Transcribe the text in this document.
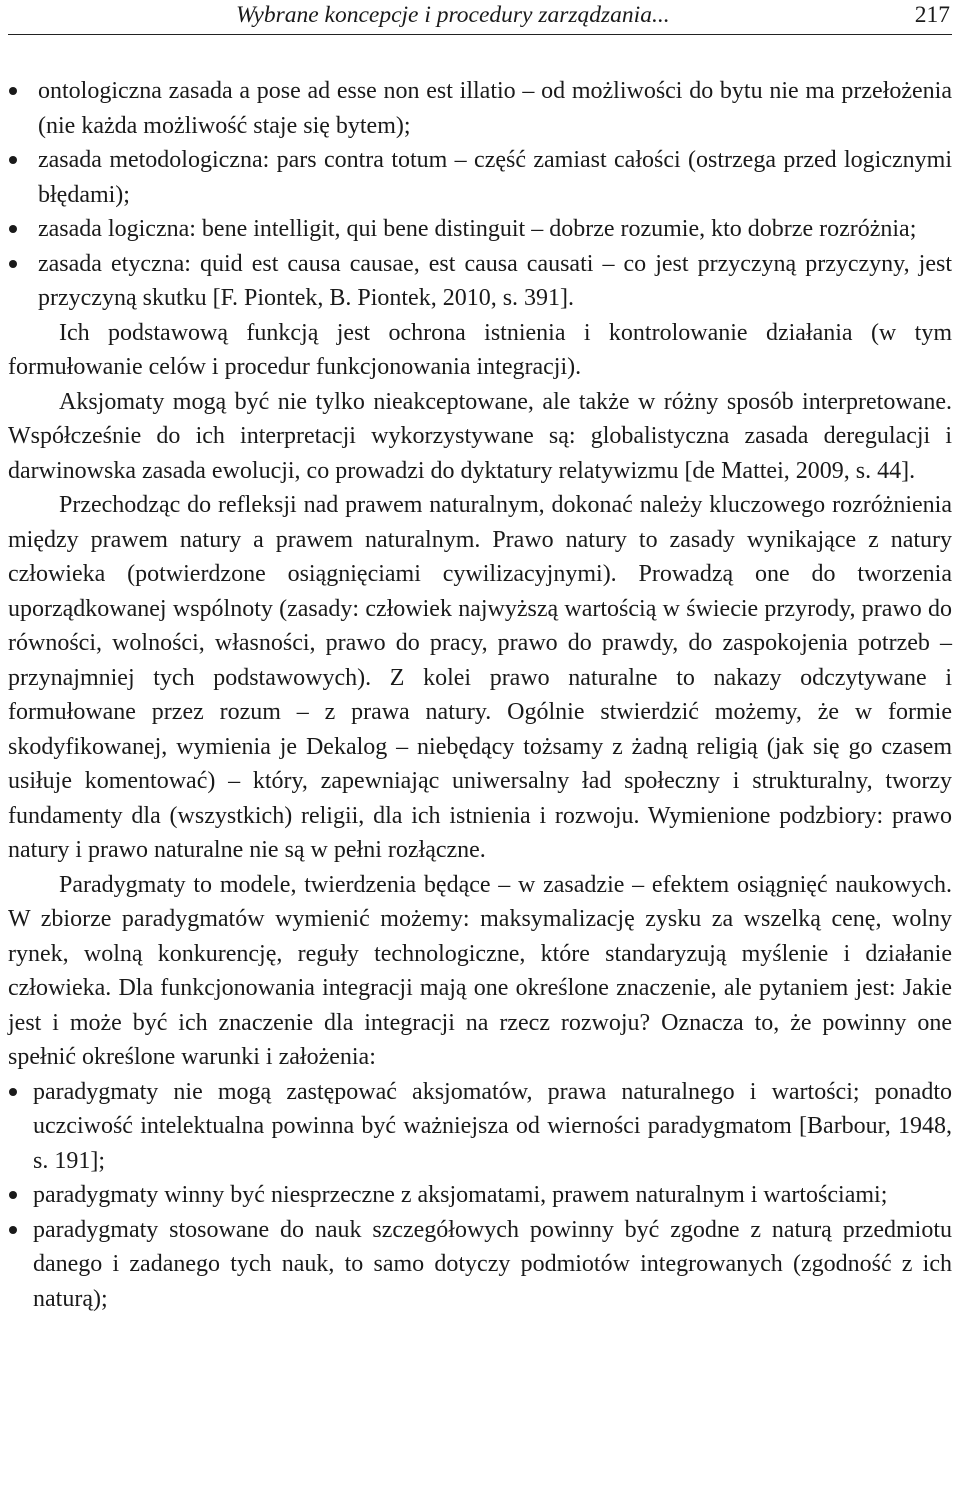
Wybrane koncepcje i procedury zarządzania...	217
ontologiczna zasada a pose ad esse non est illatio – od możliwości do bytu nie ma przełożenia (nie każda możliwość staje się bytem);
zasada metodologiczna: pars contra totum – część zamiast całości (ostrzega przed logicznymi błędami);
zasada logiczna: bene intelligit, qui bene distinguit – dobrze rozumie, kto dobrze rozróżnia;
zasada etyczna: quid est causa causae, est causa causati – co jest przyczyną przyczyny, jest przyczyną skutku [F. Piontek, B. Piontek, 2010, s. 391].

Ich podstawową funkcją jest ochrona istnienia i kontrolowanie działania (w tym formułowanie celów i procedur funkcjonowania integracji).

Aksjomaty mogą być nie tylko nieakceptowane, ale także w różny sposób interpretowane. Współcześnie do ich interpretacji wykorzystywane są: globalistyczna zasada deregulacji i darwinowska zasada ewolucji, co prowadzi do dyktatury relatywizmu [de Mattei, 2009, s. 44].

Przechodząc do refleksji nad prawem naturalnym, dokonać należy kluczowego rozróżnienia między prawem natury a prawem naturalnym. Prawo natury to zasady wynikające z natury człowieka (potwierdzone osiągnięciami cywilizacyjnymi). Prowadzą one do tworzenia uporządkowanej wspólnoty (zasady: człowiek najwyższą wartością w świecie przyrody, prawo do równości, wolności, własności, prawo do pracy, prawo do prawdy, do zaspokojenia potrzeb – przynajmniej tych podstawowych). Z kolei prawo naturalne to nakazy odczytywane i formułowane przez rozum – z prawa natury. Ogólnie stwierdzić możemy, że w formie skodyfikowanej, wymienia je Dekalog – niebędący tożsamy z żadną religią (jak się go czasem usiłuje komentować) – który, zapewniając uniwersalny ład społeczny i strukturalny, tworzy fundamenty dla (wszystkich) religii, dla ich istnienia i rozwoju. Wymienione podzbiory: prawo natury i prawo naturalne nie są w pełni rozłączne.

Paradygmaty to modele, twierdzenia będące – w zasadzie – efektem osiągnięć naukowych. W zbiorze paradygmatów wymienić możemy: maksymalizację zysku za wszelką cenę, wolny rynek, wolną konkurencję, reguły technologiczne, które standaryzują myślenie i działanie człowieka. Dla funkcjonowania integracji mają one określone znaczenie, ale pytaniem jest: Jakie jest i może być ich znaczenie dla integracji na rzecz rozwoju? Oznacza to, że powinny one spełnić określone warunki i założenia:

paradygmaty nie mogą zastępować aksjomatów, prawa naturalnego i wartości; ponadto uczciwość intelektualna powinna być ważniejsza od wierności paradygmatom [Barbour, 1948, s. 191];
paradygmaty winny być niesprzeczne z aksjomatami, prawem naturalnym i wartościami;
paradygmaty stosowane do nauk szczegółowych powinny być zgodne z naturą przedmiotu danego i zadanego tych nauk, to samo dotyczy podmiotów integrowanych (zgodność z ich naturą);
